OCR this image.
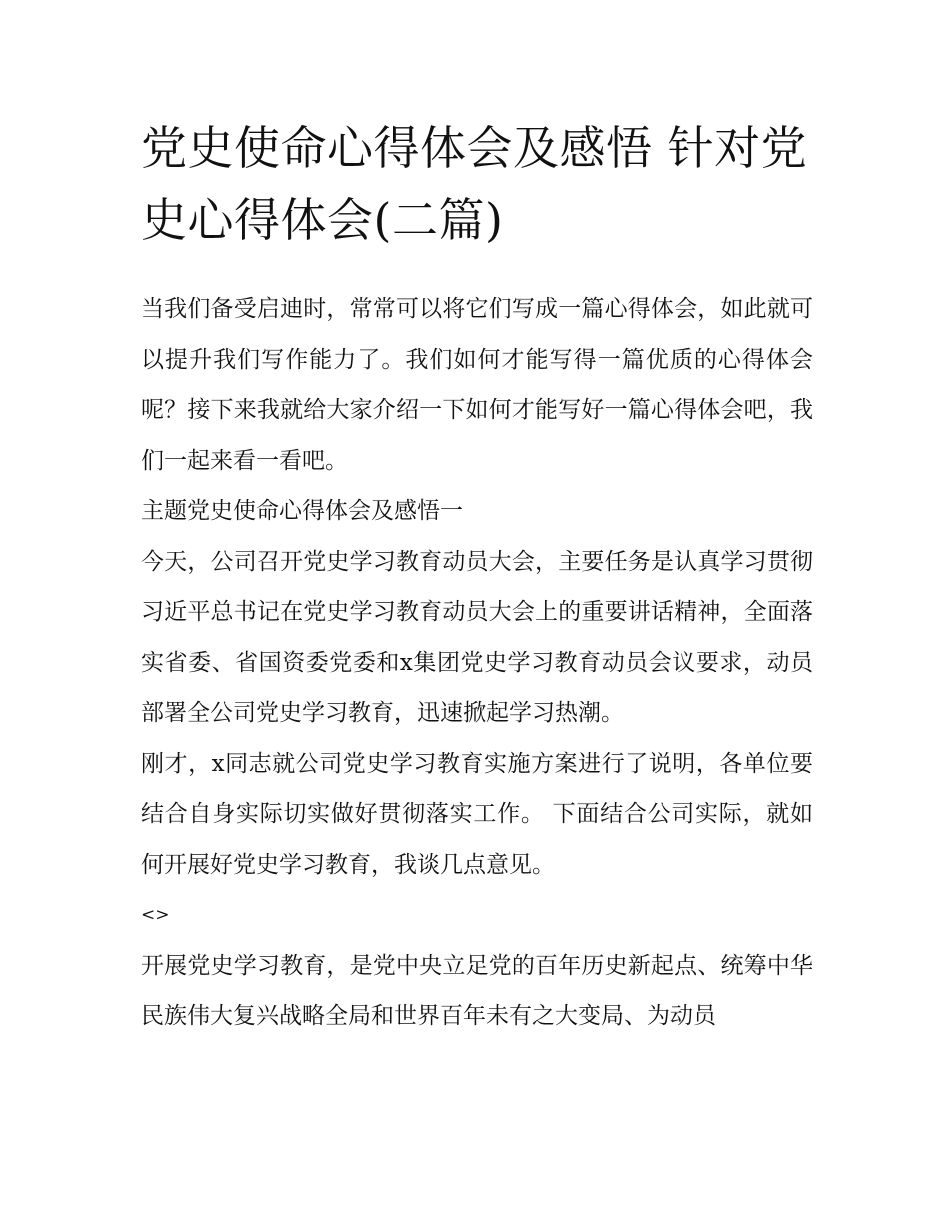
党史使命心得体会及感悟 针对党史心得体会(二篇)

当我们备受启迪时，常常可以将它们写成一篇心得体会，如此就可以提升我们写作能力了。我们如何才能写得一篇优质的心得体会呢？接下来我就给大家介绍一下如何才能写好一篇心得体会吧，我们一起来看一看吧。

主题党史使命心得体会及感悟一

今天，公司召开党史学习教育动员大会，主要任务是认真学习贯彻习近平总书记在党史学习教育动员大会上的重要讲话精神，全面落实省委、省国资委党委和x集团党史学习教育动员会议要求，动员部署全公司党史学习教育，迅速掀起学习热潮。

刚才，x同志就公司党史学习教育实施方案进行了说明，各单位要结合自身实际切实做好贯彻落实工作。 下面结合公司实际，就如何开展好党史学习教育，我谈几点意见。

<>

开展党史学习教育，是党中央立足党的百年历史新起点、统筹中华民族伟大复兴战略全局和世界百年未有之大变局、为动员
